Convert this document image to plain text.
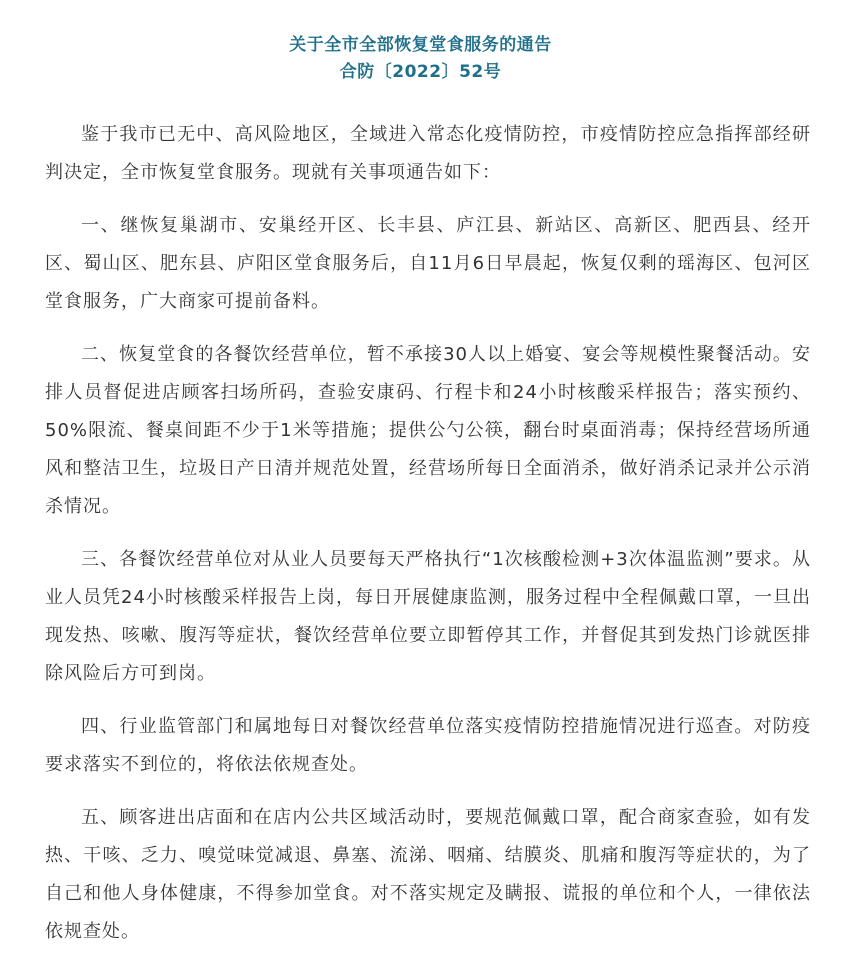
关于全市全部恢复堂食服务的通告
合防〔2022〕52号

鉴于我市已无中、高风险地区，全域进入常态化疫情防控，市疫情防控应急指挥部经研判决定，全市恢复堂食服务。现就有关事项通告如下：

一、继恢复巢湖市、安巢经开区、长丰县、庐江县、新站区、高新区、肥西县、经开区、蜀山区、肥东县、庐阳区堂食服务后，自11月6日早晨起，恢复仅剩的瑶海区、包河区堂食服务，广大商家可提前备料。

二、恢复堂食的各餐饮经营单位，暂不承接30人以上婚宴、宴会等规模性聚餐活动。安排人员督促进店顾客扫场所码，查验安康码、行程卡和24小时核酸采样报告；落实预约、50%限流、餐桌间距不少于1米等措施；提供公勺公筷，翻台时桌面消毒；保持经营场所通风和整洁卫生，垃圾日产日清并规范处置，经营场所每日全面消杀，做好消杀记录并公示消杀情况。

三、各餐饮经营单位对从业人员要每天严格执行“1次核酸检测+3次体温监测”要求。从业人员凭24小时核酸采样报告上岗，每日开展健康监测，服务过程中全程佩戴口罩，一旦出现发热、咳嗽、腹泻等症状，餐饮经营单位要立即暂停其工作，并督促其到发热门诊就医排除风险后方可到岗。

四、行业监管部门和属地每日对餐饮经营单位落实疫情防控措施情况进行巡查。对防疫要求落实不到位的，将依法依规查处。

五、顾客进出店面和在店内公共区域活动时，要规范佩戴口罩，配合商家查验，如有发热、干咳、乏力、嗅觉味觉减退、鼻塞、流涕、咽痛、结膜炎、肌痛和腹泻等症状的，为了自己和他人身体健康，不得参加堂食。对不落实规定及瞒报、谎报的单位和个人，一律依法依规查处。
